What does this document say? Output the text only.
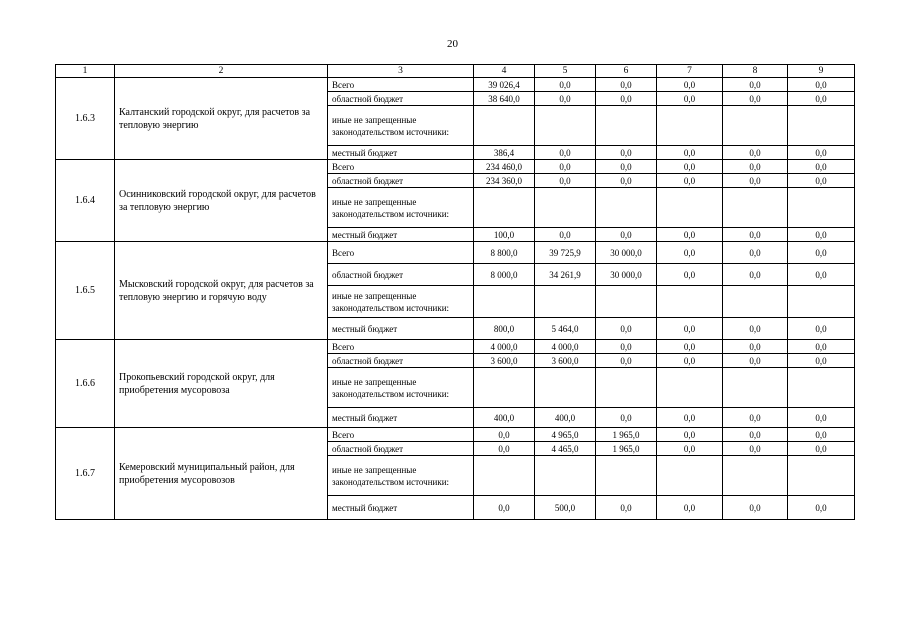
20
1	2	3	4	5	6	7	8	9
1.6.3	Калтанский городской округ, для расчетов за тепловую энергию	Всего	39 026,4	0,0	0,0	0,0	0,0	0,0
		областной бюджет	38 640,0	0,0	0,0	0,0	0,0	0,0
		иные не запрещенные законодательством источники:						
		местный бюджет	386,4	0,0	0,0	0,0	0,0	0,0
1.6.4	Осинниковский городской округ, для расчетов за тепловую энергию	Всего	234 460,0	0,0	0,0	0,0	0,0	0,0
		областной бюджет	234 360,0	0,0	0,0	0,0	0,0	0,0
		иные не запрещенные законодательством источники:						
		местный бюджет	100,0	0,0	0,0	0,0	0,0	0,0
1.6.5	Мысковский городской округ, для расчетов за тепловую энергию и горячую воду	Всего	8 800,0	39 725,9	30 000,0	0,0	0,0	0,0
		областной бюджет	8 000,0	34 261,9	30 000,0	0,0	0,0	0,0
		иные не запрещенные законодательством источники:						
		местный бюджет	800,0	5 464,0	0,0	0,0	0,0	0,0
1.6.6	Прокопьевский городской округ, для приобретения мусоровоза	Всего	4 000,0	4 000,0	0,0	0,0	0,0	0,0
		областной бюджет	3 600,0	3 600,0	0,0	0,0	0,0	0,0
		иные не запрещенные законодательством источники:						
		местный бюджет	400,0	400,0	0,0	0,0	0,0	0,0
1.6.7	Кемеровский муниципальный район, для приобретения мусоровозов	Всего	0,0	4 965,0	1 965,0	0,0	0,0	0,0
		областной бюджет	0,0	4 465,0	1 965,0	0,0	0,0	0,0
		иные не запрещенные законодательством источники:						
		местный бюджет	0,0	500,0	0,0	0,0	0,0	0,0
